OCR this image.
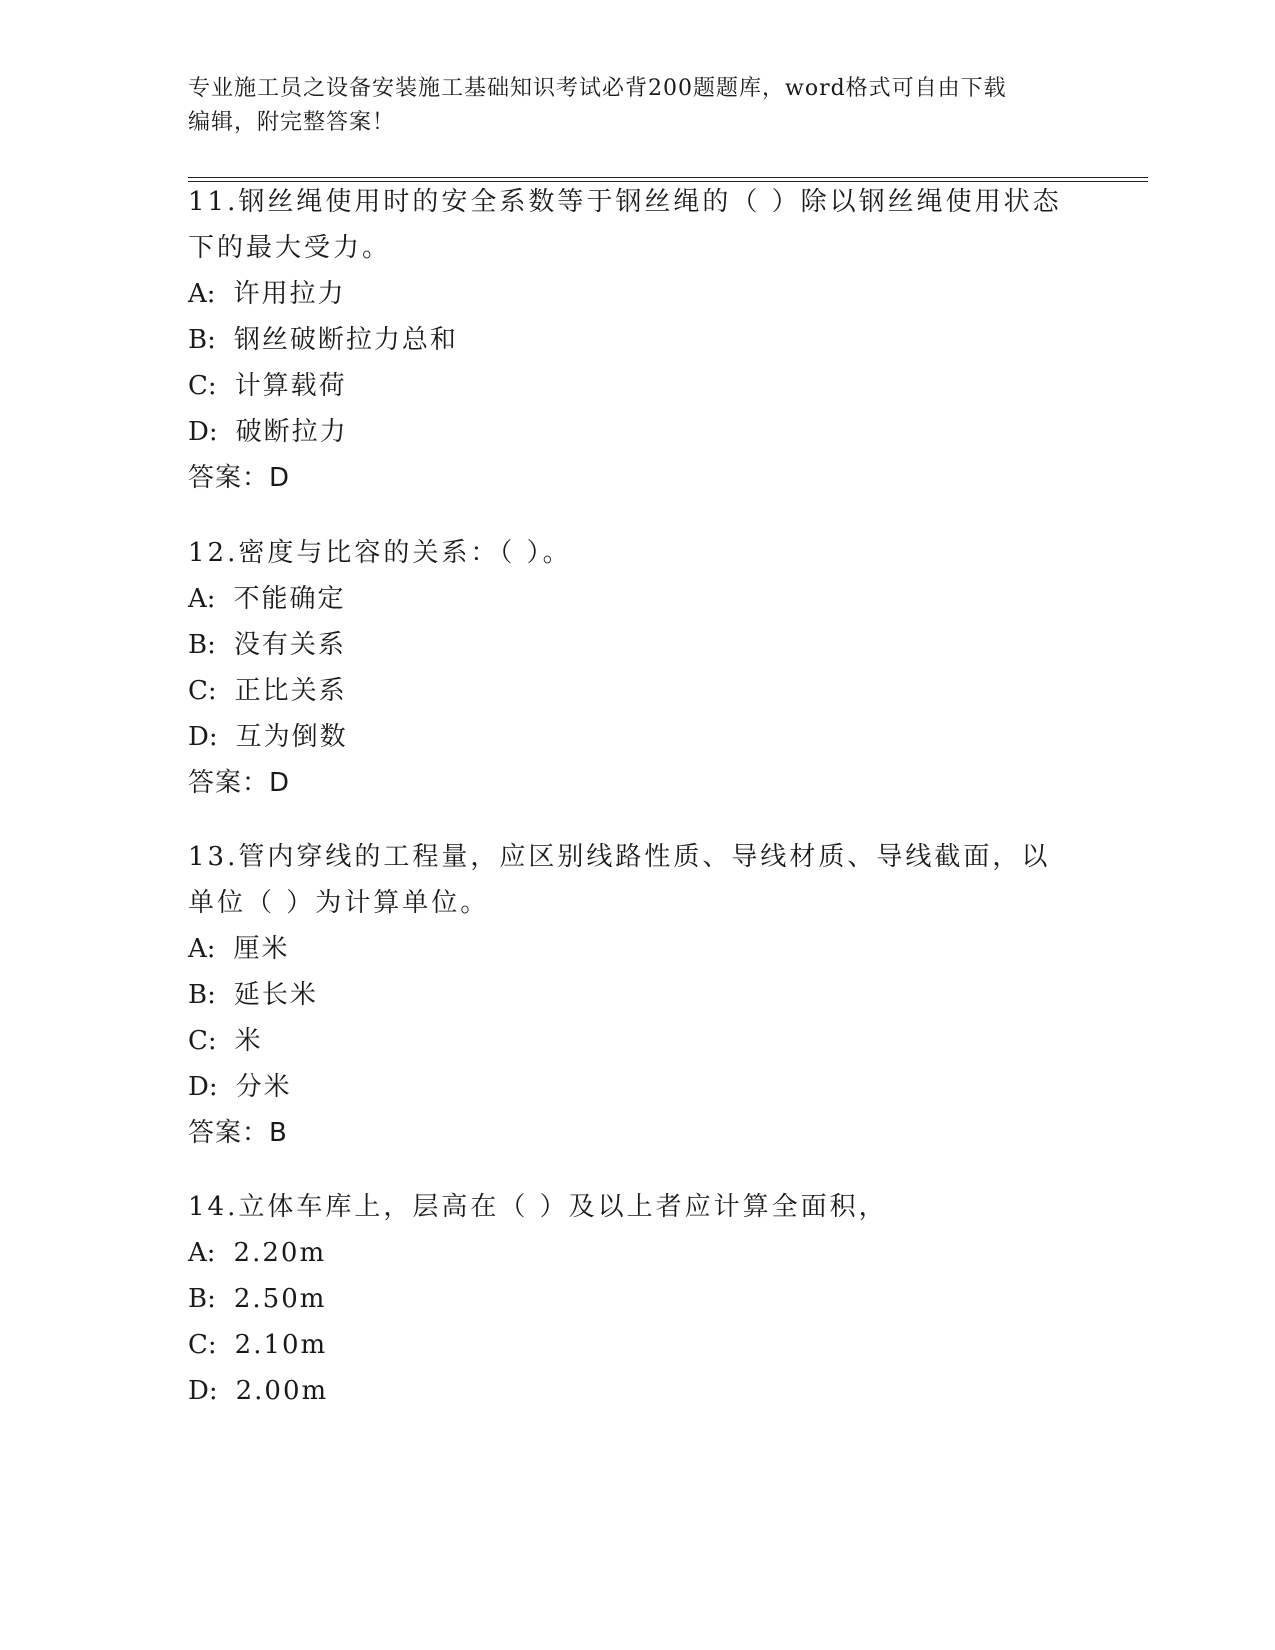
专业施工员之设备安装施工基础知识考试必背200题题库，word格式可自由下载
编辑，附完整答案！
11.钢丝绳使用时的安全系数等于钢丝绳的（ ）除以钢丝绳使用状态下的最大受力。
A: 许用拉力
B: 钢丝破断拉力总和
C: 计算载荷
D: 破断拉力
答案：D
12.密度与比容的关系：（ ）。
A: 不能确定
B: 没有关系
C: 正比关系
D: 互为倒数
答案：D
13.管内穿线的工程量，应区别线路性质、导线材质、导线截面，以单位（ ）为计算单位。
A: 厘米
B: 延长米
C: 米
D: 分米
答案：B
14.立体车库上，层高在（ ）及以上者应计算全面积，
A: 2.20m
B: 2.50m
C: 2.10m
D: 2.00m
